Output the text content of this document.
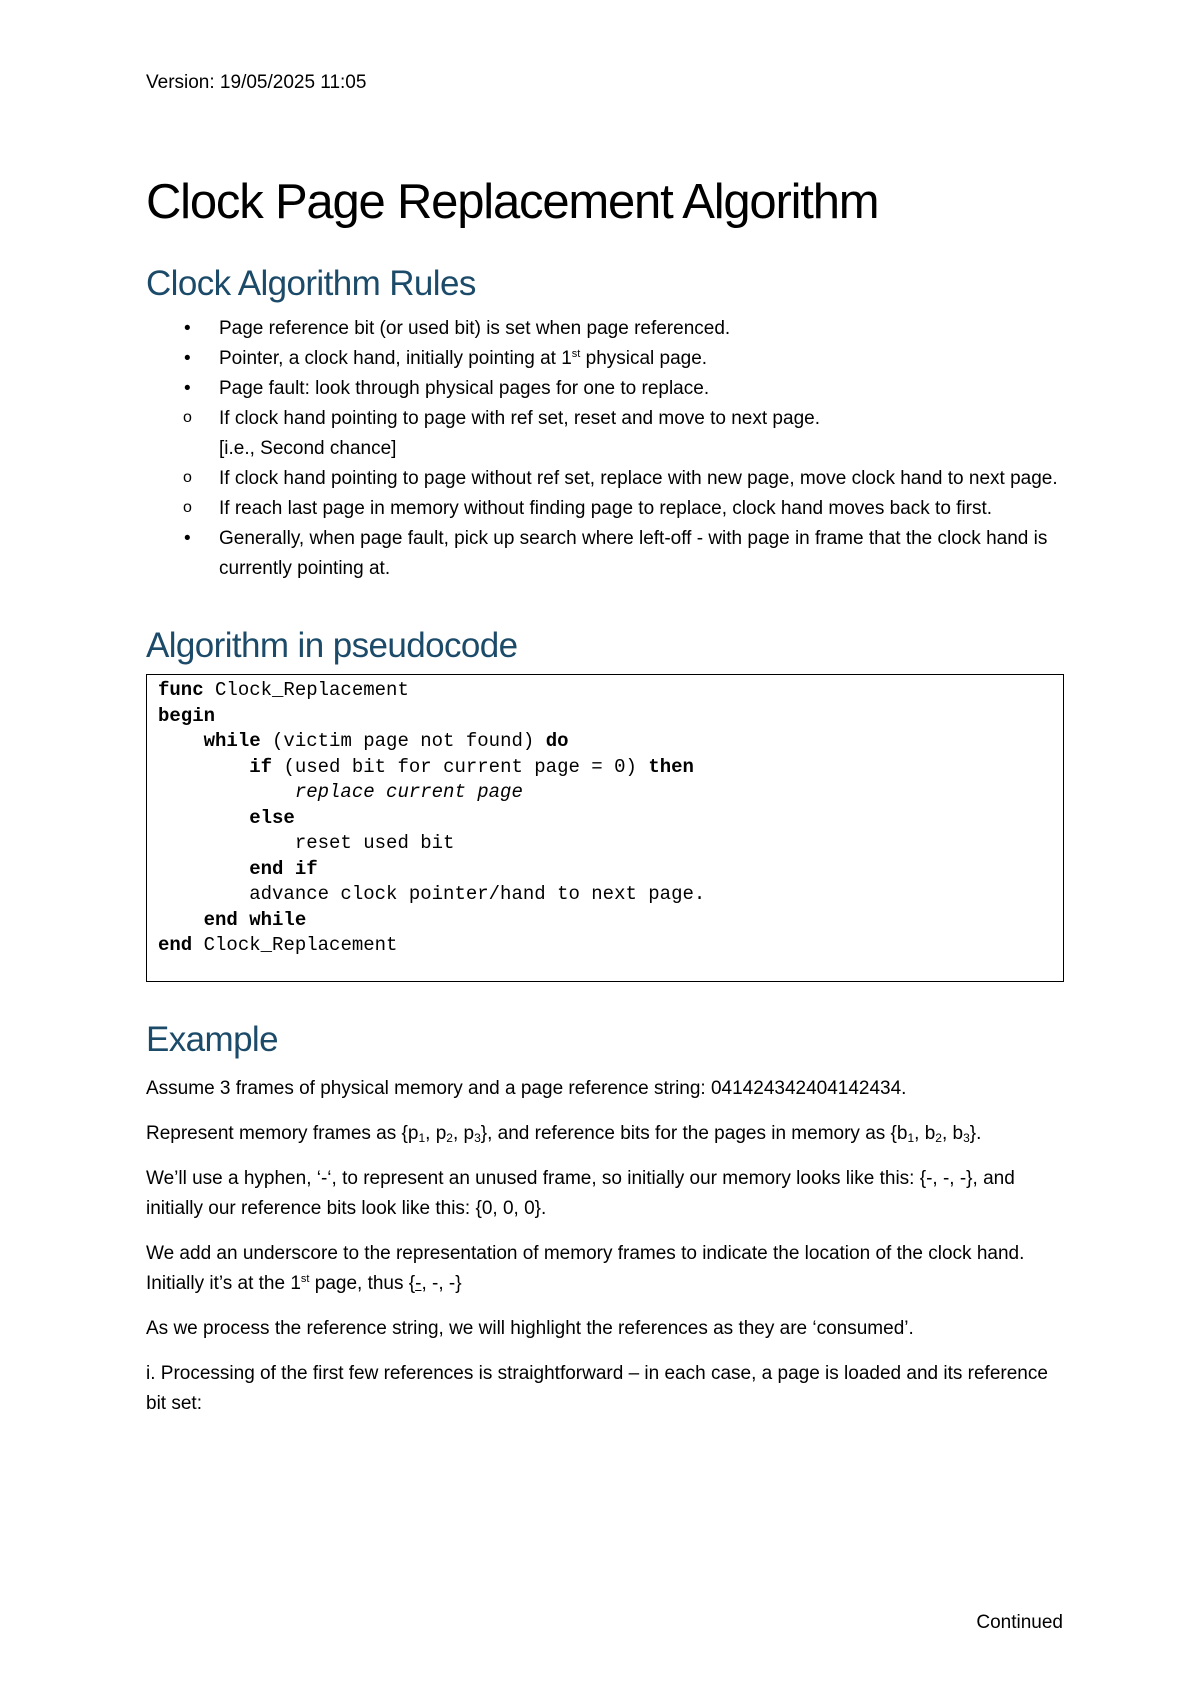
Version: 19/05/2025 11:05

Clock Page Replacement Algorithm
Clock Algorithm Rules
• Page reference bit (or used bit) is set when page referenced.
• Pointer, a clock hand, initially pointing at 1st physical page.
• Page fault: look through physical pages for one to replace.
o If clock hand pointing to page with ref set, reset and move to next page.
[i.e., Second chance]
o If clock hand pointing to page without ref set, replace with new page, move clock hand to next page.
o If reach last page in memory without finding page to replace, clock hand moves back to first.
• Generally, when page fault, pick up search where left-off - with page in frame that the clock hand is currently pointing at.
Algorithm in pseudocode
func Clock_Replacement
begin
while (victim page not found) do
if (used bit for current page = 0) then
replace current page
else
reset used bit
end if
advance clock pointer/hand to next page.
end while
end Clock_Replacement
Example

Assume 3 frames of physical memory and a page reference string: 041424342404142434.

Represent memory frames as {$p_1$, $p_2$, $p_3$}, and reference bits for the pages in memory as {$b_1$, $b_2$, $b_3$}.

We’ll use a hyphen, ‘-‘, to represent an unused frame, so initially our memory looks like this: {-, -, -}, and initially our reference bits look like this: {0, 0, 0}.

We add an underscore to the representation of memory frames to indicate the location of the clock hand. Initially it’s at the 1st page, thus {-, -, -}

As we process the reference string, we will highlight the references as they are ‘consumed’.

i. Processing of the first few references is straightforward – in each case, a page is loaded and its reference bit set:

Continued
